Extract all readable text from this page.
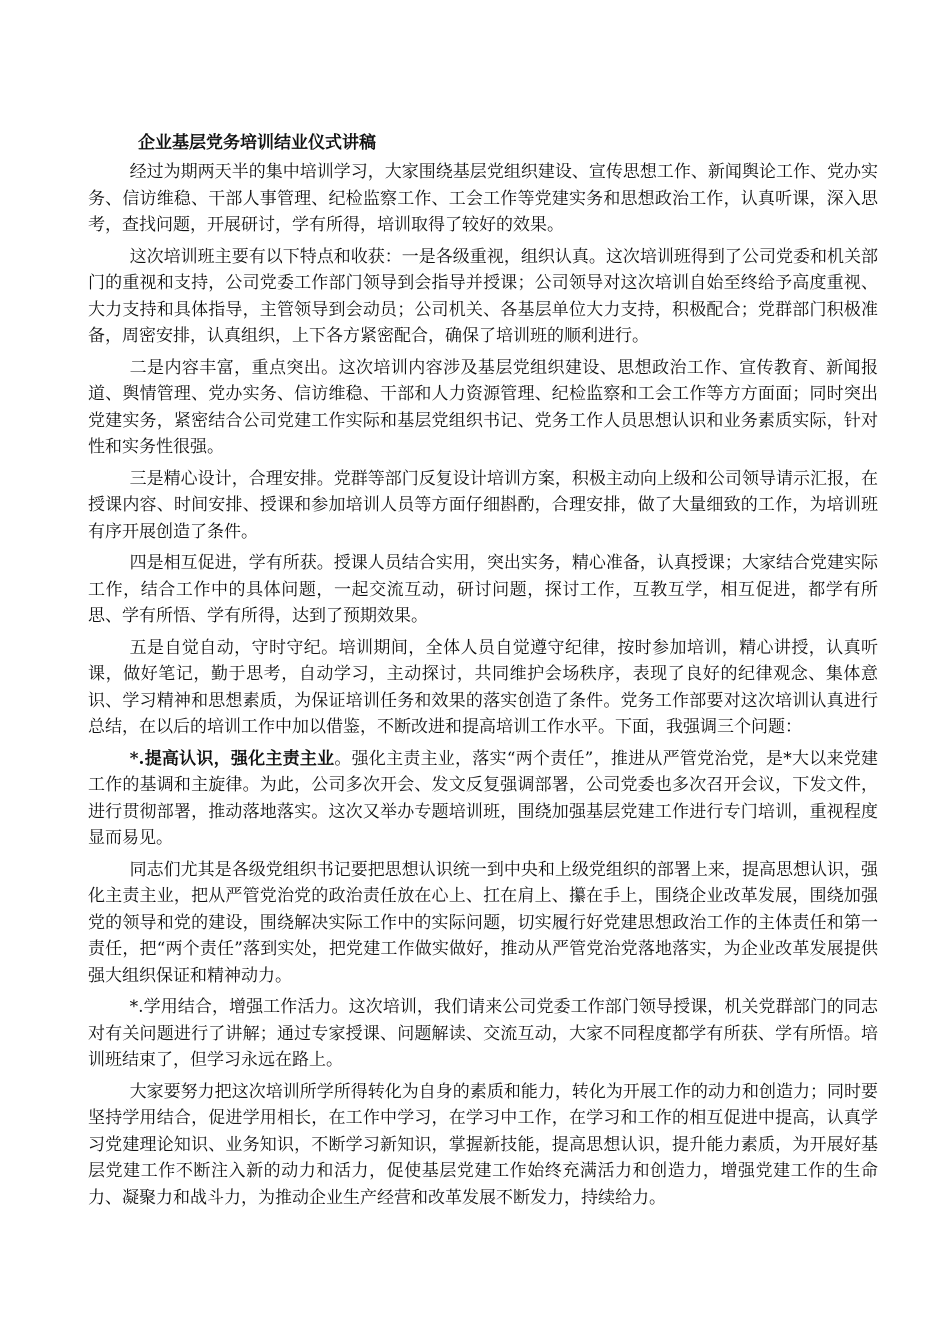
企业基层党务培训结业仪式讲稿

经过为期两天半的集中培训学习，大家围绕基层党组织建设、宣传思想工作、新闻舆论工作、党办实务、信访维稳、干部人事管理、纪检监察工作、工会工作等党建实务和思想政治工作，认真听课，深入思考，查找问题，开展研讨，学有所得，培训取得了较好的效果。

这次培训班主要有以下特点和收获：一是各级重视，组织认真。这次培训班得到了公司党委和机关部门的重视和支持，公司党委工作部门领导到会指导并授课；公司领导对这次培训自始至终给予高度重视、大力支持和具体指导，主管领导到会动员；公司机关、各基层单位大力支持，积极配合；党群部门积极准备，周密安排，认真组织，上下各方紧密配合，确保了培训班的顺利进行。

二是内容丰富，重点突出。这次培训内容涉及基层党组织建设、思想政治工作、宣传教育、新闻报道、舆情管理、党办实务、信访维稳、干部和人力资源管理、纪检监察和工会工作等方方面面；同时突出党建实务，紧密结合公司党建工作实际和基层党组织书记、党务工作人员思想认识和业务素质实际，针对性和实务性很强。

三是精心设计，合理安排。党群等部门反复设计培训方案，积极主动向上级和公司领导请示汇报，在授课内容、时间安排、授课和参加培训人员等方面仔细斟酌，合理安排，做了大量细致的工作，为培训班有序开展创造了条件。

四是相互促进，学有所获。授课人员结合实用，突出实务，精心准备，认真授课；大家结合党建实际工作，结合工作中的具体问题，一起交流互动，研讨问题，探讨工作，互教互学，相互促进，都学有所思、学有所悟、学有所得，达到了预期效果。

五是自觉自动，守时守纪。培训期间，全体人员自觉遵守纪律，按时参加培训，精心讲授，认真听课，做好笔记，勤于思考，自动学习，主动探讨，共同维护会场秩序，表现了良好的纪律观念、集体意识、学习精神和思想素质，为保证培训任务和效果的落实创造了条件。党务工作部要对这次培训认真进行总结，在以后的培训工作中加以借鉴，不断改进和提高培训工作水平。下面，我强调三个问题：

*.提高认识，强化主责主业。强化主责主业，落实“两个责任”，推进从严管党治党，是*大以来党建工作的基调和主旋律。为此，公司多次开会、发文反复强调部署，公司党委也多次召开会议，下发文件，进行贯彻部署，推动落地落实。这次又举办专题培训班，围绕加强基层党建工作进行专门培训，重视程度显而易见。

同志们尤其是各级党组织书记要把思想认识统一到中央和上级党组织的部署上来，提高思想认识，强化主责主业，把从严管党治党的政治责任放在心上、扛在肩上、攥在手上，围绕企业改革发展，围绕加强党的领导和党的建设，围绕解决实际工作中的实际问题，切实履行好党建思想政治工作的主体责任和第一责任，把“两个责任”落到实处，把党建工作做实做好，推动从严管党治党落地落实，为企业改革发展提供强大组织保证和精神动力。

*.学用结合，增强工作活力。这次培训，我们请来公司党委工作部门领导授课，机关党群部门的同志对有关问题进行了讲解；通过专家授课、问题解读、交流互动，大家不同程度都学有所获、学有所悟。培训班结束了，但学习永远在路上。

大家要努力把这次培训所学所得转化为自身的素质和能力，转化为开展工作的动力和创造力；同时要坚持学用结合，促进学用相长，在工作中学习，在学习中工作，在学习和工作的相互促进中提高，认真学习党建理论知识、业务知识，不断学习新知识，掌握新技能，提高思想认识，提升能力素质，为开展好基层党建工作不断注入新的动力和活力，促使基层党建工作始终充满活力和创造力，增强党建工作的生命力、凝聚力和战斗力，为推动企业生产经营和改革发展不断发力，持续给力。
